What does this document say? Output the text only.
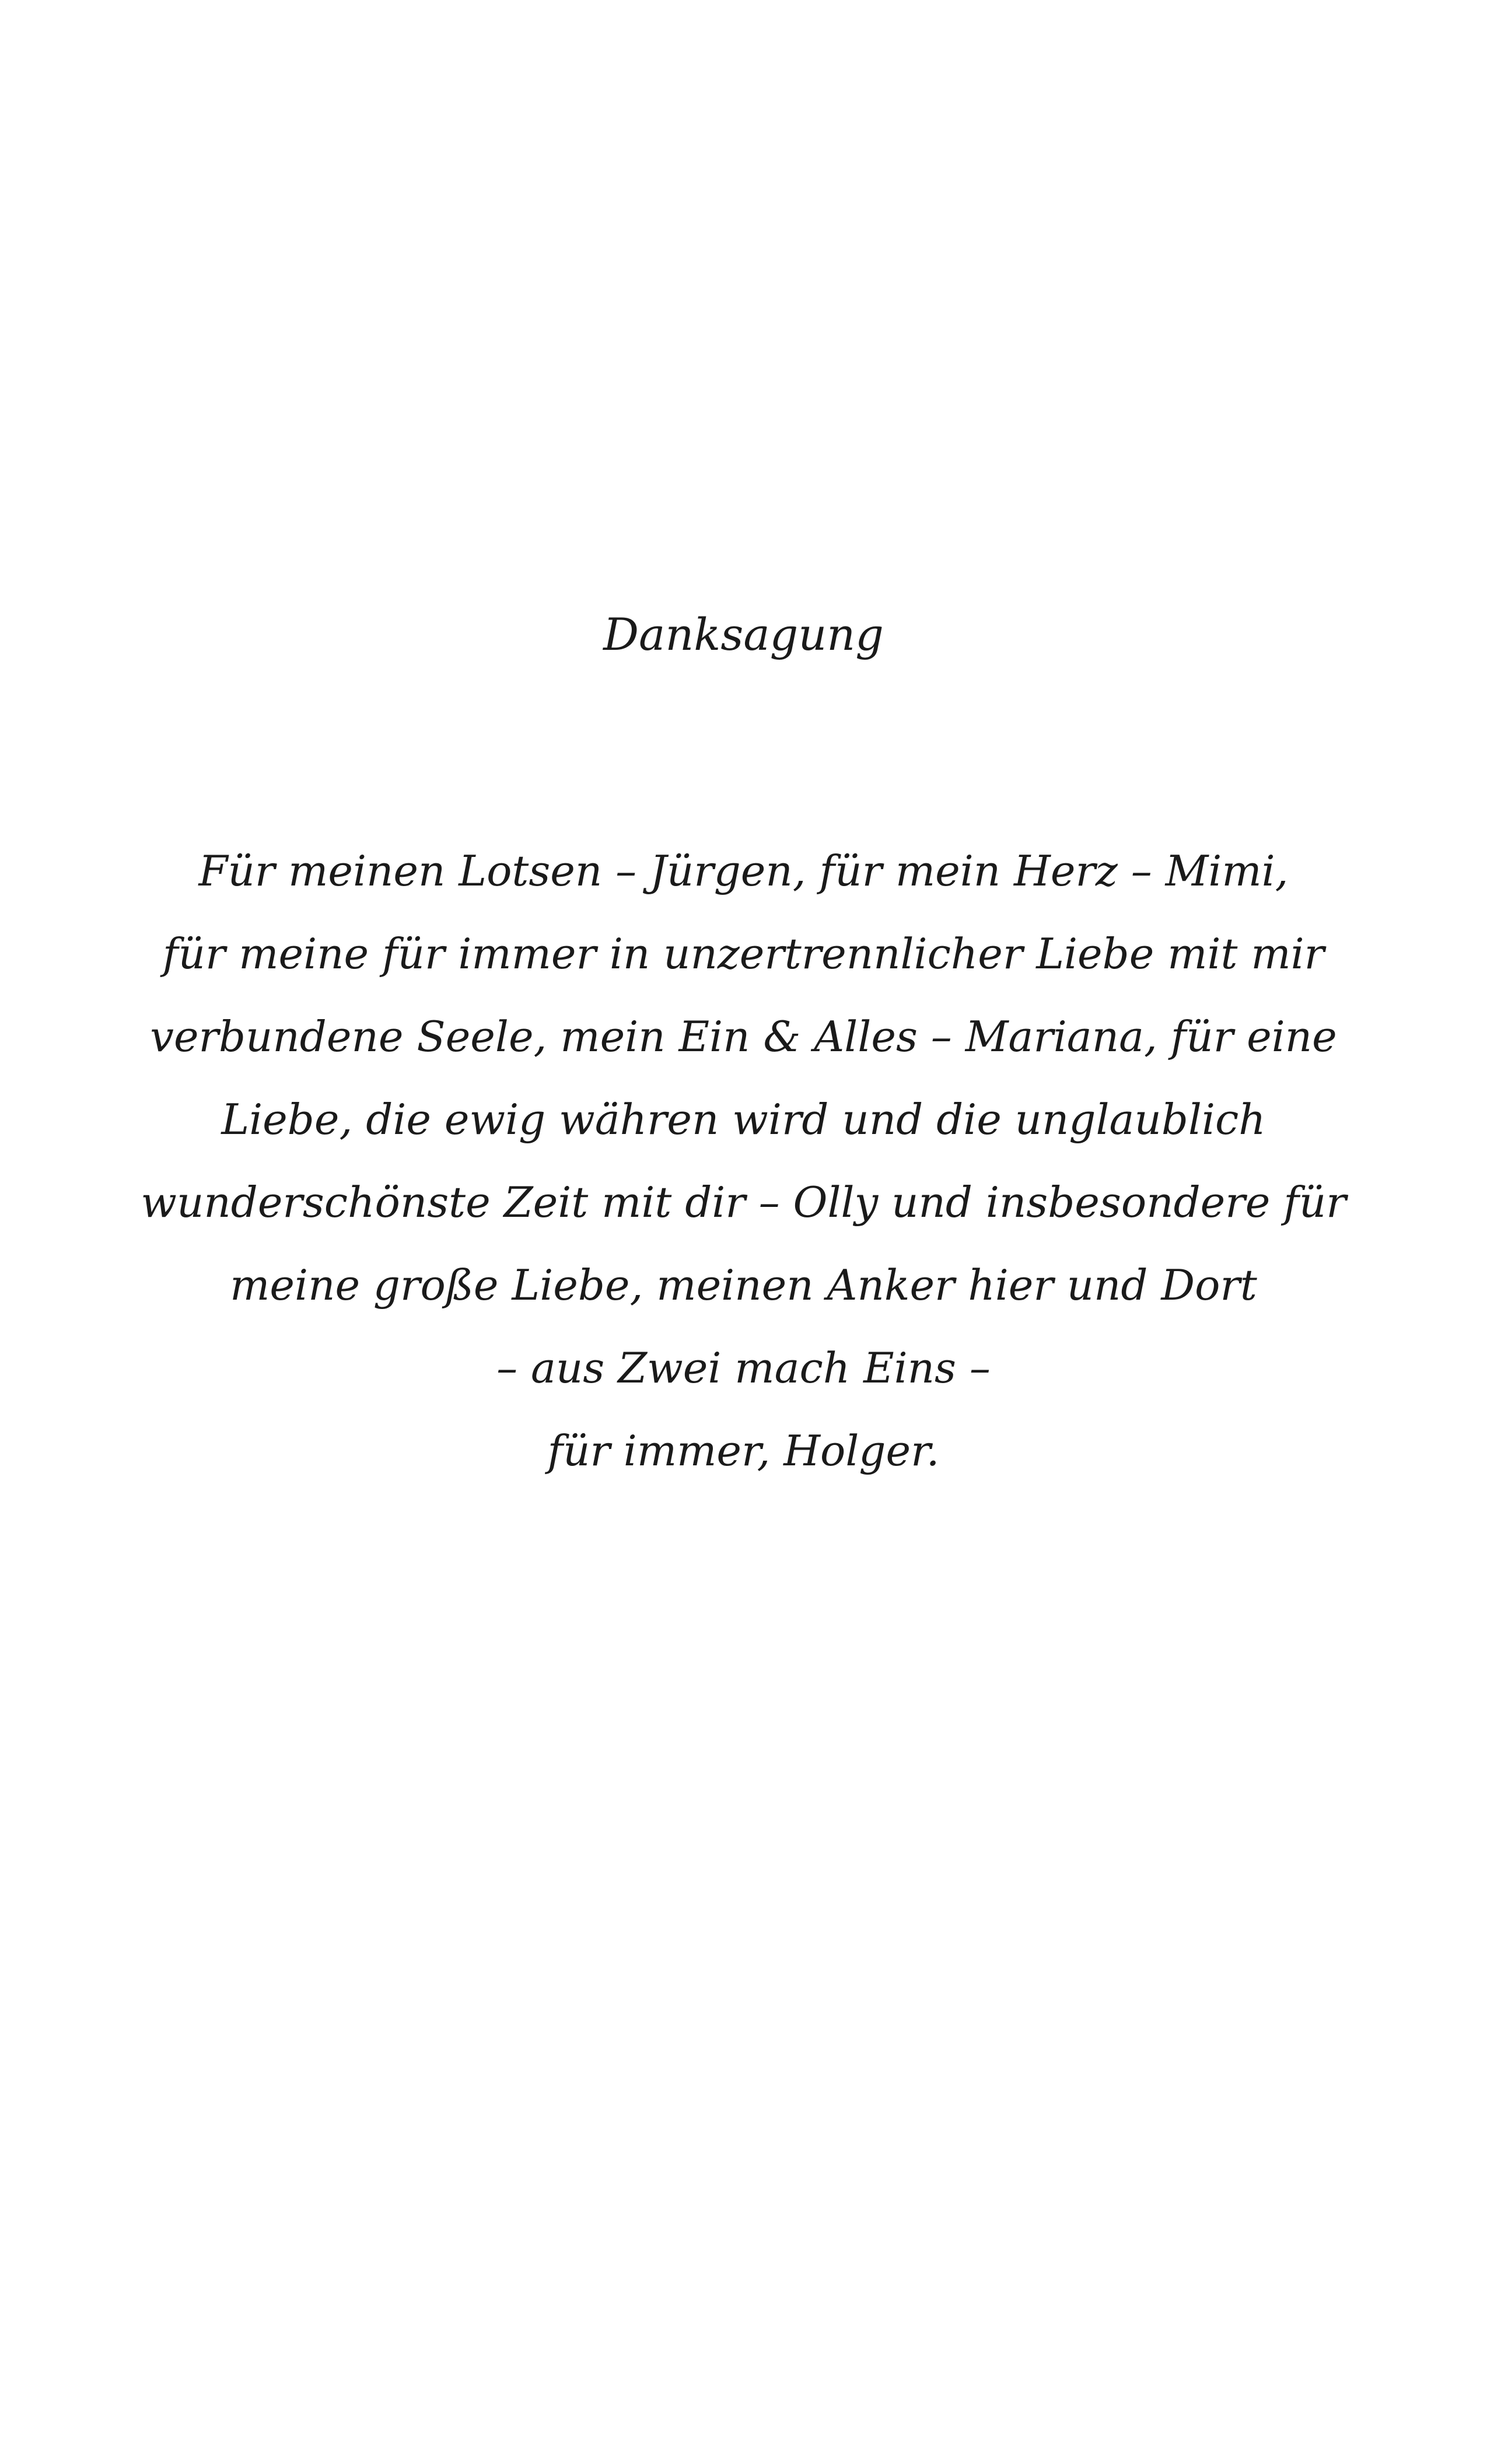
Danksagung
Für meinen Lotsen – Jürgen, für mein Herz – Mimi,
für meine für immer in unzertrennlicher Liebe mit mir
verbundene Seele, mein Ein & Alles – Mariana, für eine
Liebe, die ewig währen wird und die unglaublich
wunderschönste Zeit mit dir – Olly und insbesondere für
meine große Liebe, meinen Anker hier und Dort
– aus Zwei mach Eins –
für immer, Holger.
